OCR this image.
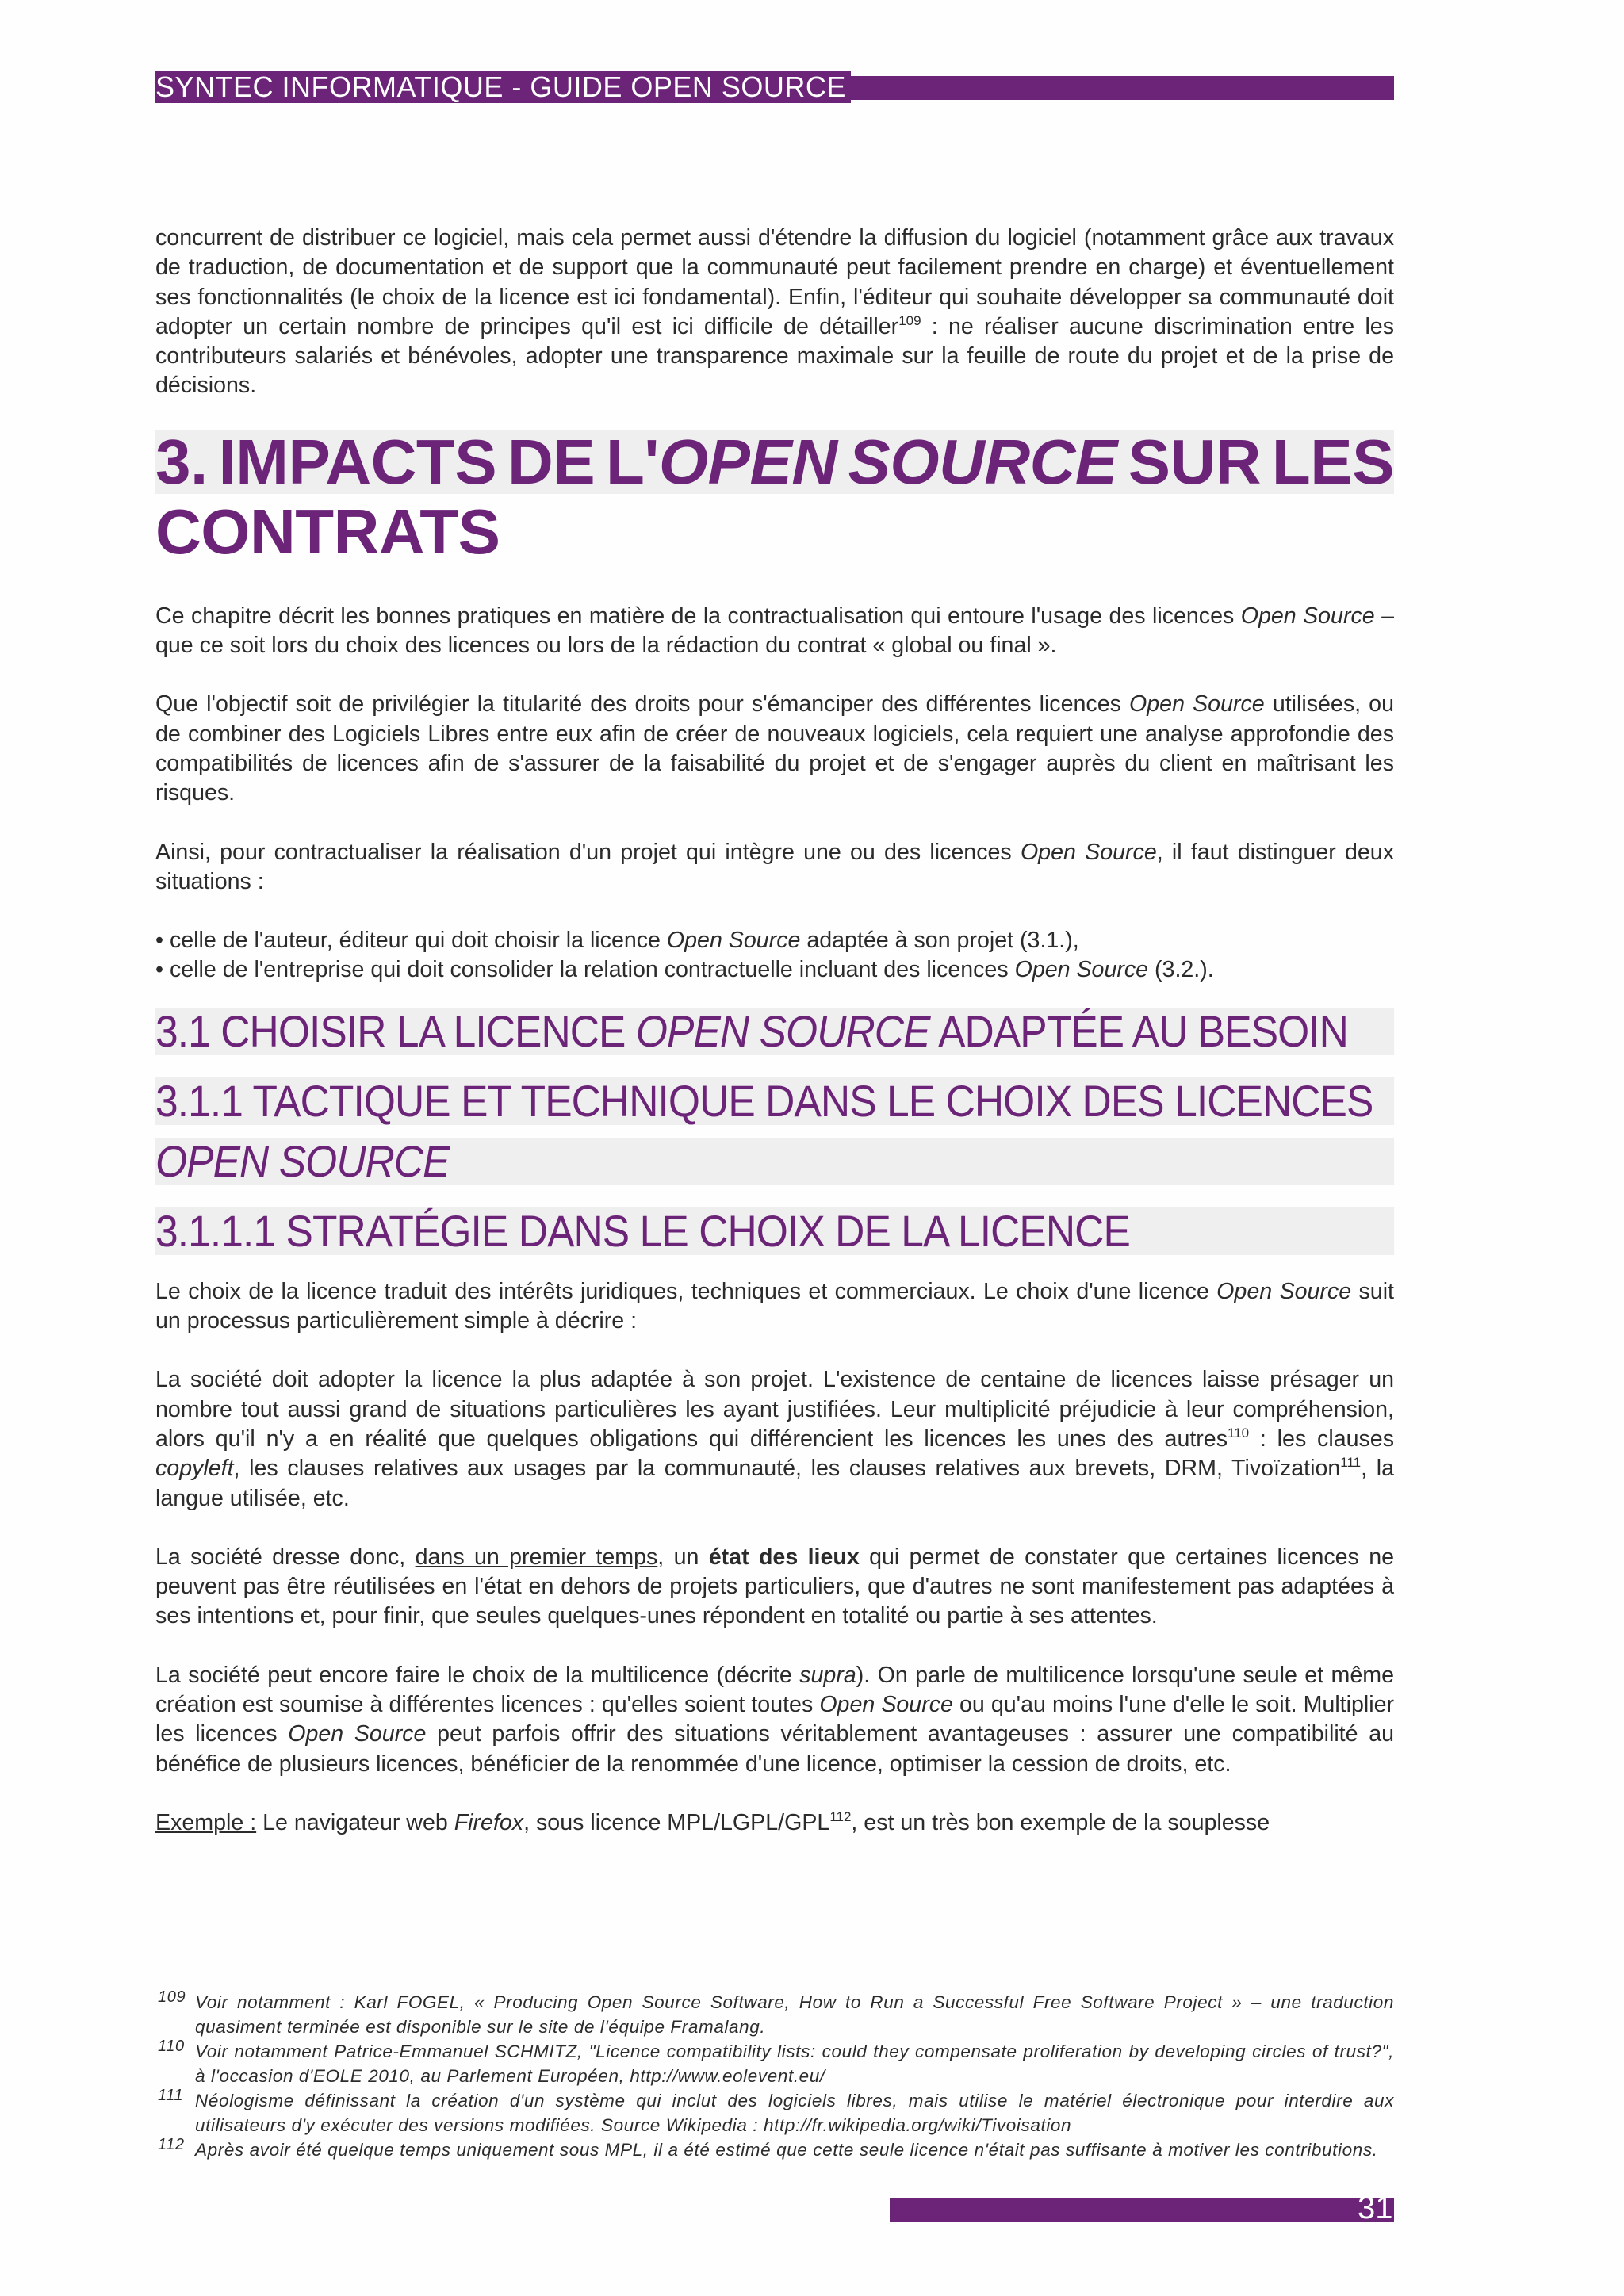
SYNTEC INFORMATIQUE - GUIDE OPEN SOURCE

concurrent de distribuer ce logiciel, mais cela permet aussi d'étendre la diffusion du logiciel (notamment grâce aux travaux de traduction, de documentation et de support que la communauté peut facilement prendre en charge) et éventuellement ses fonctionnalités (le choix de la licence est ici fondamental). Enfin, l'éditeur qui souhaite développer sa communauté doit adopter un certain nombre de principes qu'il est ici difficile de détailler$^{109}$ : ne réaliser aucune discrimination entre les contributeurs salariés et bénévoles, adopter une transparence maximale sur la feuille de route du projet et de la prise de décisions.

3. IMPACTS DE L'OPEN SOURCE SUR LES
CONTRATS

Ce chapitre décrit les bonnes pratiques en matière de la contractualisation qui entoure l'usage des licences Open Source – que ce soit lors du choix des licences ou lors de la rédaction du contrat « global ou final ».

Que l'objectif soit de privilégier la titularité des droits pour s'émanciper des différentes licences Open Source utilisées, ou de combiner des Logiciels Libres entre eux afin de créer de nouveaux logiciels, cela requiert une analyse approfondie des compatibilités de licences afin de s'assurer de la faisabilité du projet et de s'engager auprès du client en maîtrisant les risques.

Ainsi, pour contractualiser la réalisation d'un projet qui intègre une ou des licences Open Source, il faut distinguer deux situations :

• celle de l'auteur, éditeur qui doit choisir la licence Open Source adaptée à son projet (3.1.),

• celle de l'entreprise qui doit consolider la relation contractuelle incluant des licences Open Source (3.2.).

3.1 CHOISIR LA LICENCE OPEN SOURCE ADAPTÉE AU BESOIN
3.1.1 TACTIQUE ET TECHNIQUE DANS LE CHOIX DES LICENCES
OPEN SOURCE
3.1.1.1 STRATÉGIE DANS LE CHOIX DE LA LICENCE

Le choix de la licence traduit des intérêts juridiques, techniques et commerciaux. Le choix d'une licence Open Source suit un processus particulièrement simple à décrire :

La société doit adopter la licence la plus adaptée à son projet. L'existence de centaine de licences laisse présager un nombre tout aussi grand de situations particulières les ayant justifiées. Leur multiplicité préjudicie à leur compréhension, alors qu'il n'y a en réalité que quelques obligations qui différencient les licences les unes des autres$^{110}$ : les clauses copyleft, les clauses relatives aux usages par la communauté, les clauses relatives aux brevets, DRM, Tivoïzation$^{111}$, la langue utilisée, etc.

La société dresse donc, dans un premier temps, un état des lieux qui permet de constater que certaines licences ne peuvent pas être réutilisées en l'état en dehors de projets particuliers, que d'autres ne sont manifestement pas adaptées à ses intentions et, pour finir, que seules quelques-unes répondent en totalité ou partie à ses attentes.

La société peut encore faire le choix de la multilicence (décrite supra). On parle de multilicence lorsqu'une seule et même création est soumise à différentes licences : qu'elles soient toutes Open Source ou qu'au moins l'une d'elle le soit. Multiplier les licences Open Source peut parfois offrir des situations véritablement avantageuses : assurer une compatibilité au bénéfice de plusieurs licences, bénéficier de la renommée d'une licence, optimiser la cession de droits, etc.

Exemple : Le navigateur web Firefox, sous licence MPL/LGPL/GPL$^{112}$, est un très bon exemple de la souplesse

109 Voir notamment : Karl FOGEL, « Producing Open Source Software, How to Run a Successful Free Software Project » – une traduction quasiment terminée est disponible sur le site de l'équipe Framalang.
110 Voir notamment Patrice-Emmanuel SCHMITZ, "Licence compatibility lists: could they compensate proliferation by developing circles of trust?", à l'occasion d'EOLE 2010, au Parlement Européen, http://www.eolevent.eu/
111 Néologisme définissant la création d'un système qui inclut des logiciels libres, mais utilise le matériel électronique pour interdire aux utilisateurs d'y exécuter des versions modifiées. Source Wikipedia : http://fr.wikipedia.org/wiki/Tivoisation
112 Après avoir été quelque temps uniquement sous MPL, il a été estimé que cette seule licence n'était pas suffisante à motiver les contributions.
31
